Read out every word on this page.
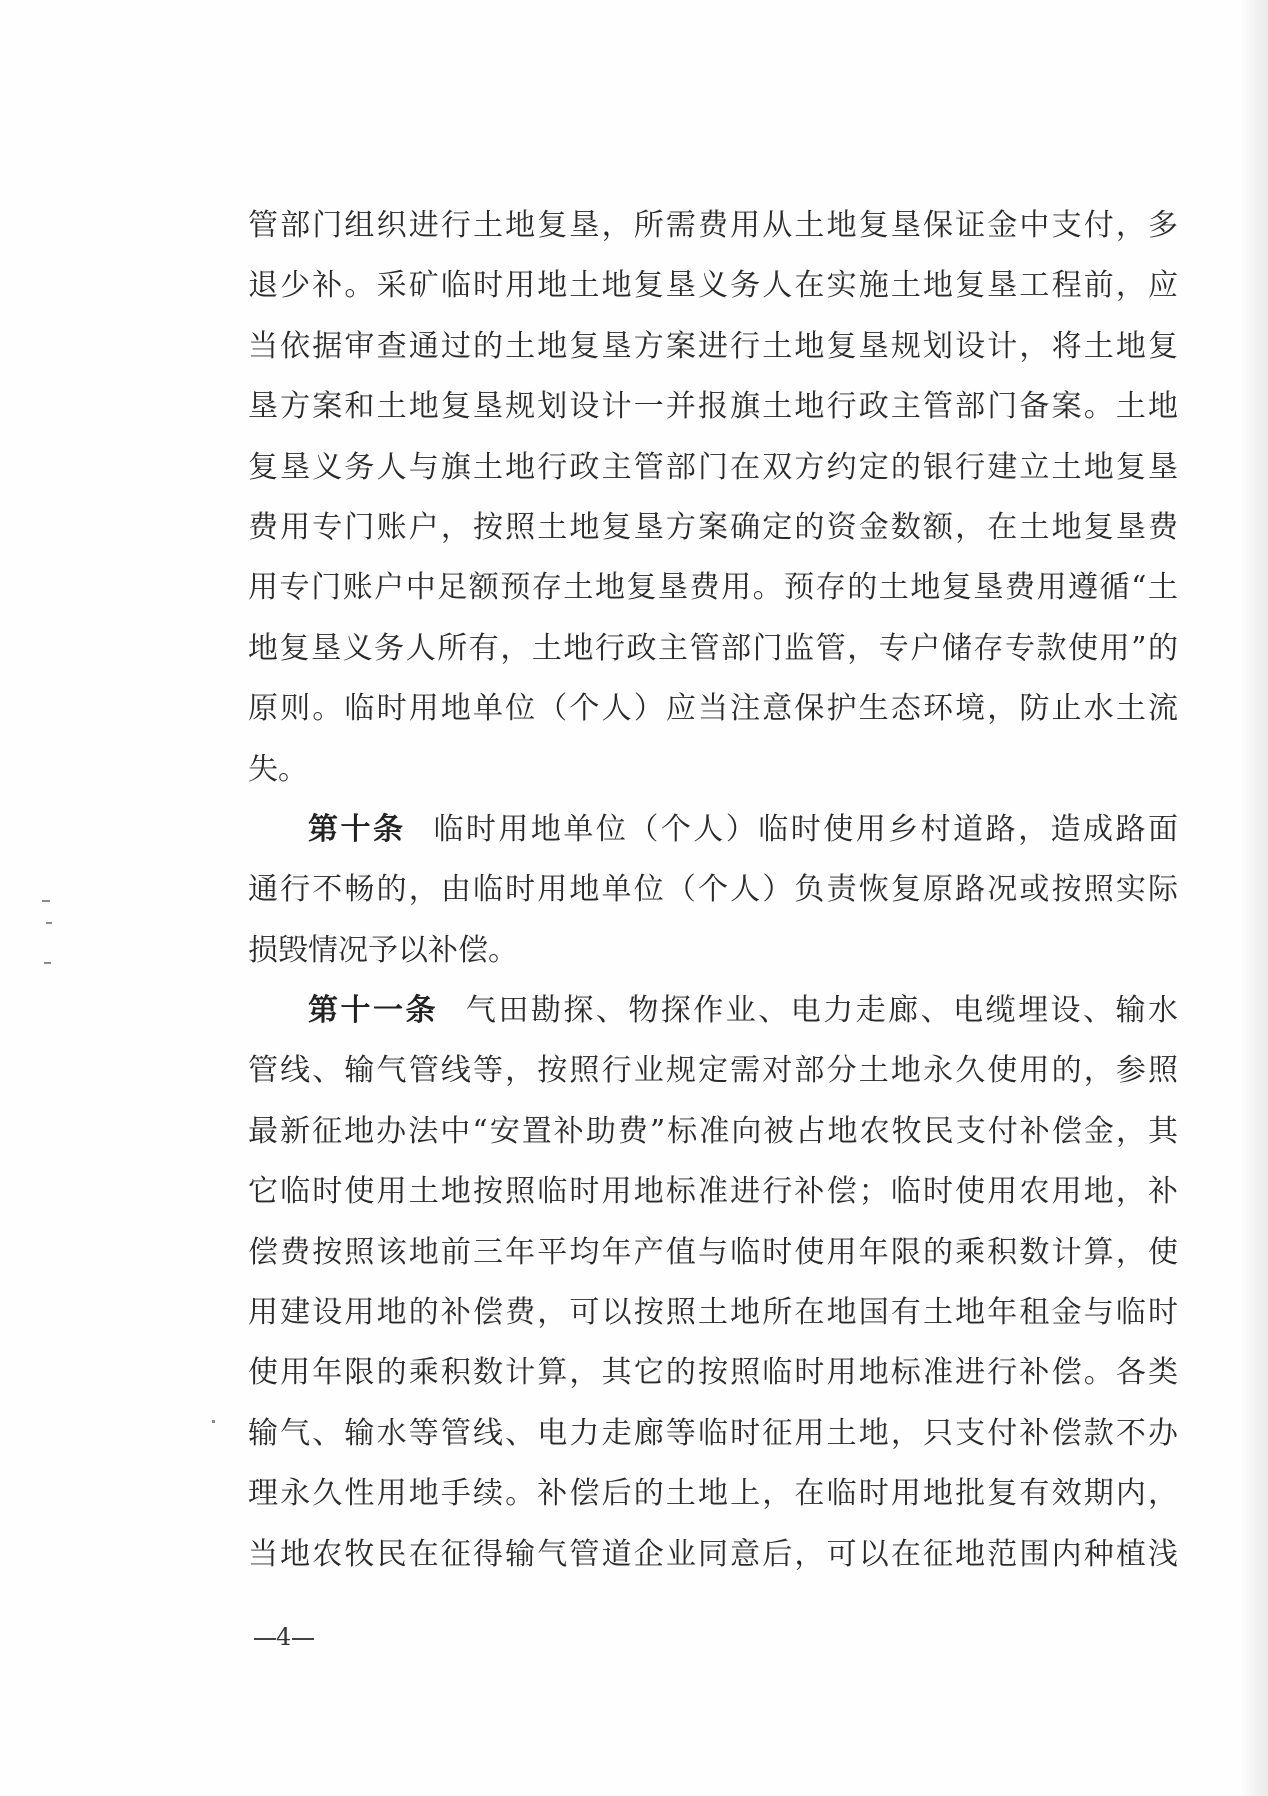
管部门组织进行土地复垦，所需费用从土地复垦保证金中支付，多
退少补。采矿临时用地土地复垦义务人在实施土地复垦工程前，应
当依据审查通过的土地复垦方案进行土地复垦规划设计，将土地复
垦方案和土地复垦规划设计一并报旗土地行政主管部门备案。土地
复垦义务人与旗土地行政主管部门在双方约定的银行建立土地复垦
费用专门账户，按照土地复垦方案确定的资金数额，在土地复垦费
用专门账户中足额预存土地复垦费用。预存的土地复垦费用遵循“土
地复垦义务人所有，土地行政主管部门监管，专户储存专款使用”的
原则。临时用地单位（个人）应当注意保护生态环境，防止水土流
失。
第十条 临时用地单位（个人）临时使用乡村道路，造成路面
通行不畅的，由临时用地单位（个人）负责恢复原路况或按照实际
损毁情况予以补偿。
第十一条 气田勘探、物探作业、电力走廊、电缆埋设、输水
管线、输气管线等，按照行业规定需对部分土地永久使用的，参照
最新征地办法中“安置补助费”标准向被占地农牧民支付补偿金，其
它临时使用土地按照临时用地标准进行补偿；临时使用农用地，补
偿费按照该地前三年平均年产值与临时使用年限的乘积数计算，使
用建设用地的补偿费，可以按照土地所在地国有土地年租金与临时
使用年限的乘积数计算，其它的按照临时用地标准进行补偿。各类
输气、输水等管线、电力走廊等临时征用土地，只支付补偿款不办
理永久性用地手续。补偿后的土地上，在临时用地批复有效期内，
当地农牧民在征得输气管道企业同意后，可以在征地范围内种植浅
4
